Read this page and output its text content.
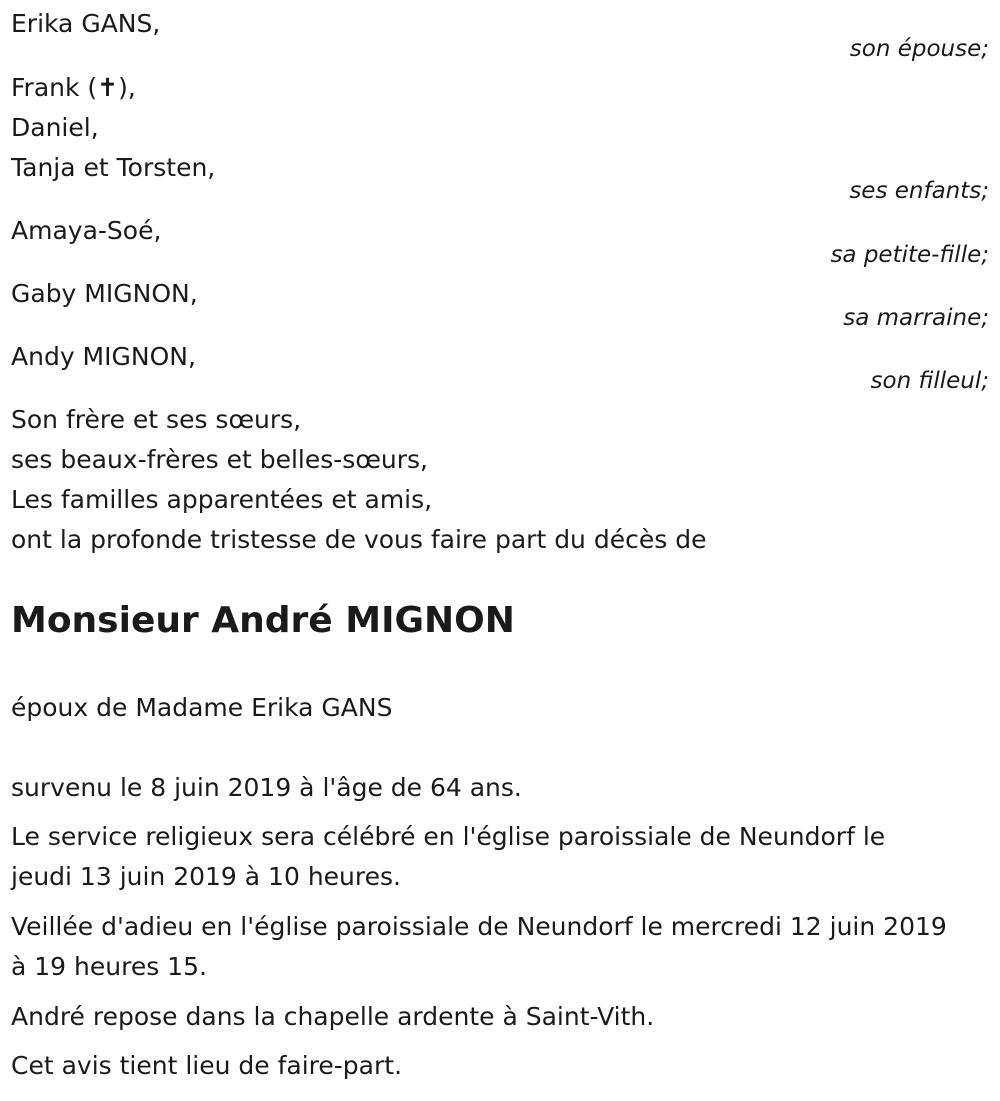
Erika GANS,

son épouse;

Frank (✝),

Daniel,

Tanja et Torsten,

ses enfants;

Amaya-Soé,

sa petite-fille;

Gaby MIGNON,

sa marraine;

Andy MIGNON,

son filleul;

Son frère et ses sœurs,

ses beaux-frères et belles-sœurs,

Les familles apparentées et amis,

ont la profonde tristesse de vous faire part du décès de

Monsieur André MIGNON

époux de Madame Erika GANS

survenu le 8 juin 2019 à l'âge de 64 ans.

Le service religieux sera célébré en l'église paroissiale de Neundorf le

jeudi 13 juin 2019 à 10 heures.

Veillée d'adieu en l'église paroissiale de Neundorf le mercredi 12 juin 2019

à 19 heures 15.

André repose dans la chapelle ardente à Saint-Vith.

Cet avis tient lieu de faire-part.
